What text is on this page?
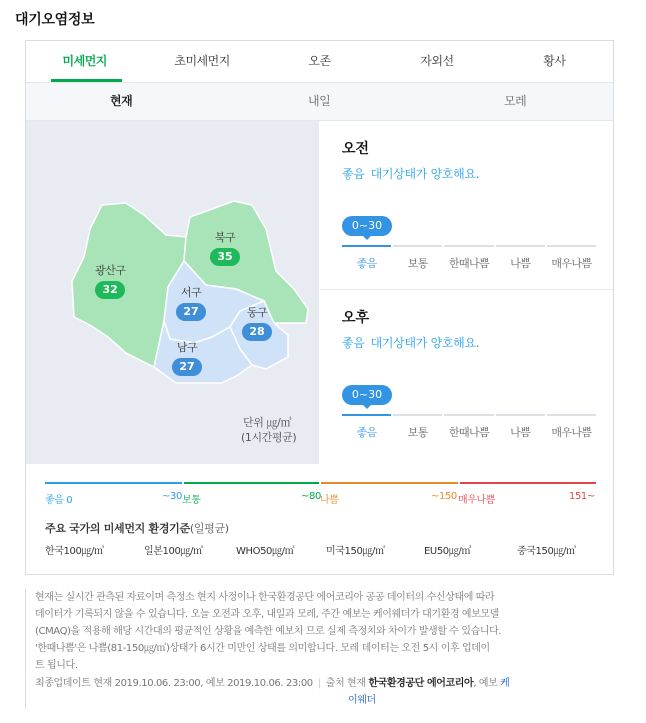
대기오염정보
미세먼지	초미세먼지	오존	자외선	황사
현재	내일	모레
북구
35
광산구
32	서구
27	동구
28
남구
27
단위 ㎍/㎥
(1시간평균)
오전
좋음 대기상태가 양호해요.
0~30
좋음	보통	한때나쁨	나쁨	매우나쁨
오후
좋음 대기상태가 양호해요.
0~30
좋음	보통	한때나쁨	나쁨	매우나쁨
좋음 0	~30 보통	~80 나쁨	~150 매우나쁨	151~
주요 국가의 미세먼지 환경기준(일평균)
한국100㎍/㎥	일본100㎍/㎥	WHO50㎍/㎥	미국150㎍/㎥	EU50㎍/㎥	중국150㎍/㎥

현재는 실시간 관측된 자료이며 측정소 현지 사정이나 한국환경공단 에어코리아 공공 데이터의 수신상태에 따라

데이터가 기록되지 않을 수 있습니다. 오늘 오전과 오후, 내일과 모레, 주간 예보는 케이웨더가 대기환경 예보모델

(CMAQ)을 적용해 해당 시간대의 평균적인 상황을 예측한 예보치 므로 실제 측정치와 차이가 발생할 수 있습니다.

'한때나쁨'은 나쁨(81-150㎍/㎥)상태가 6시간 미만인 상태를 의미합니다. 모레 데이터는 오전 5시 이후 업데이

트 됩니다.

최종업데이트 현재 2019.10.06. 23:00, 예보 2019.10.06. 23:00 | 출처 현재 한국환경공단 에어코리아, 예보 케
이웨더
